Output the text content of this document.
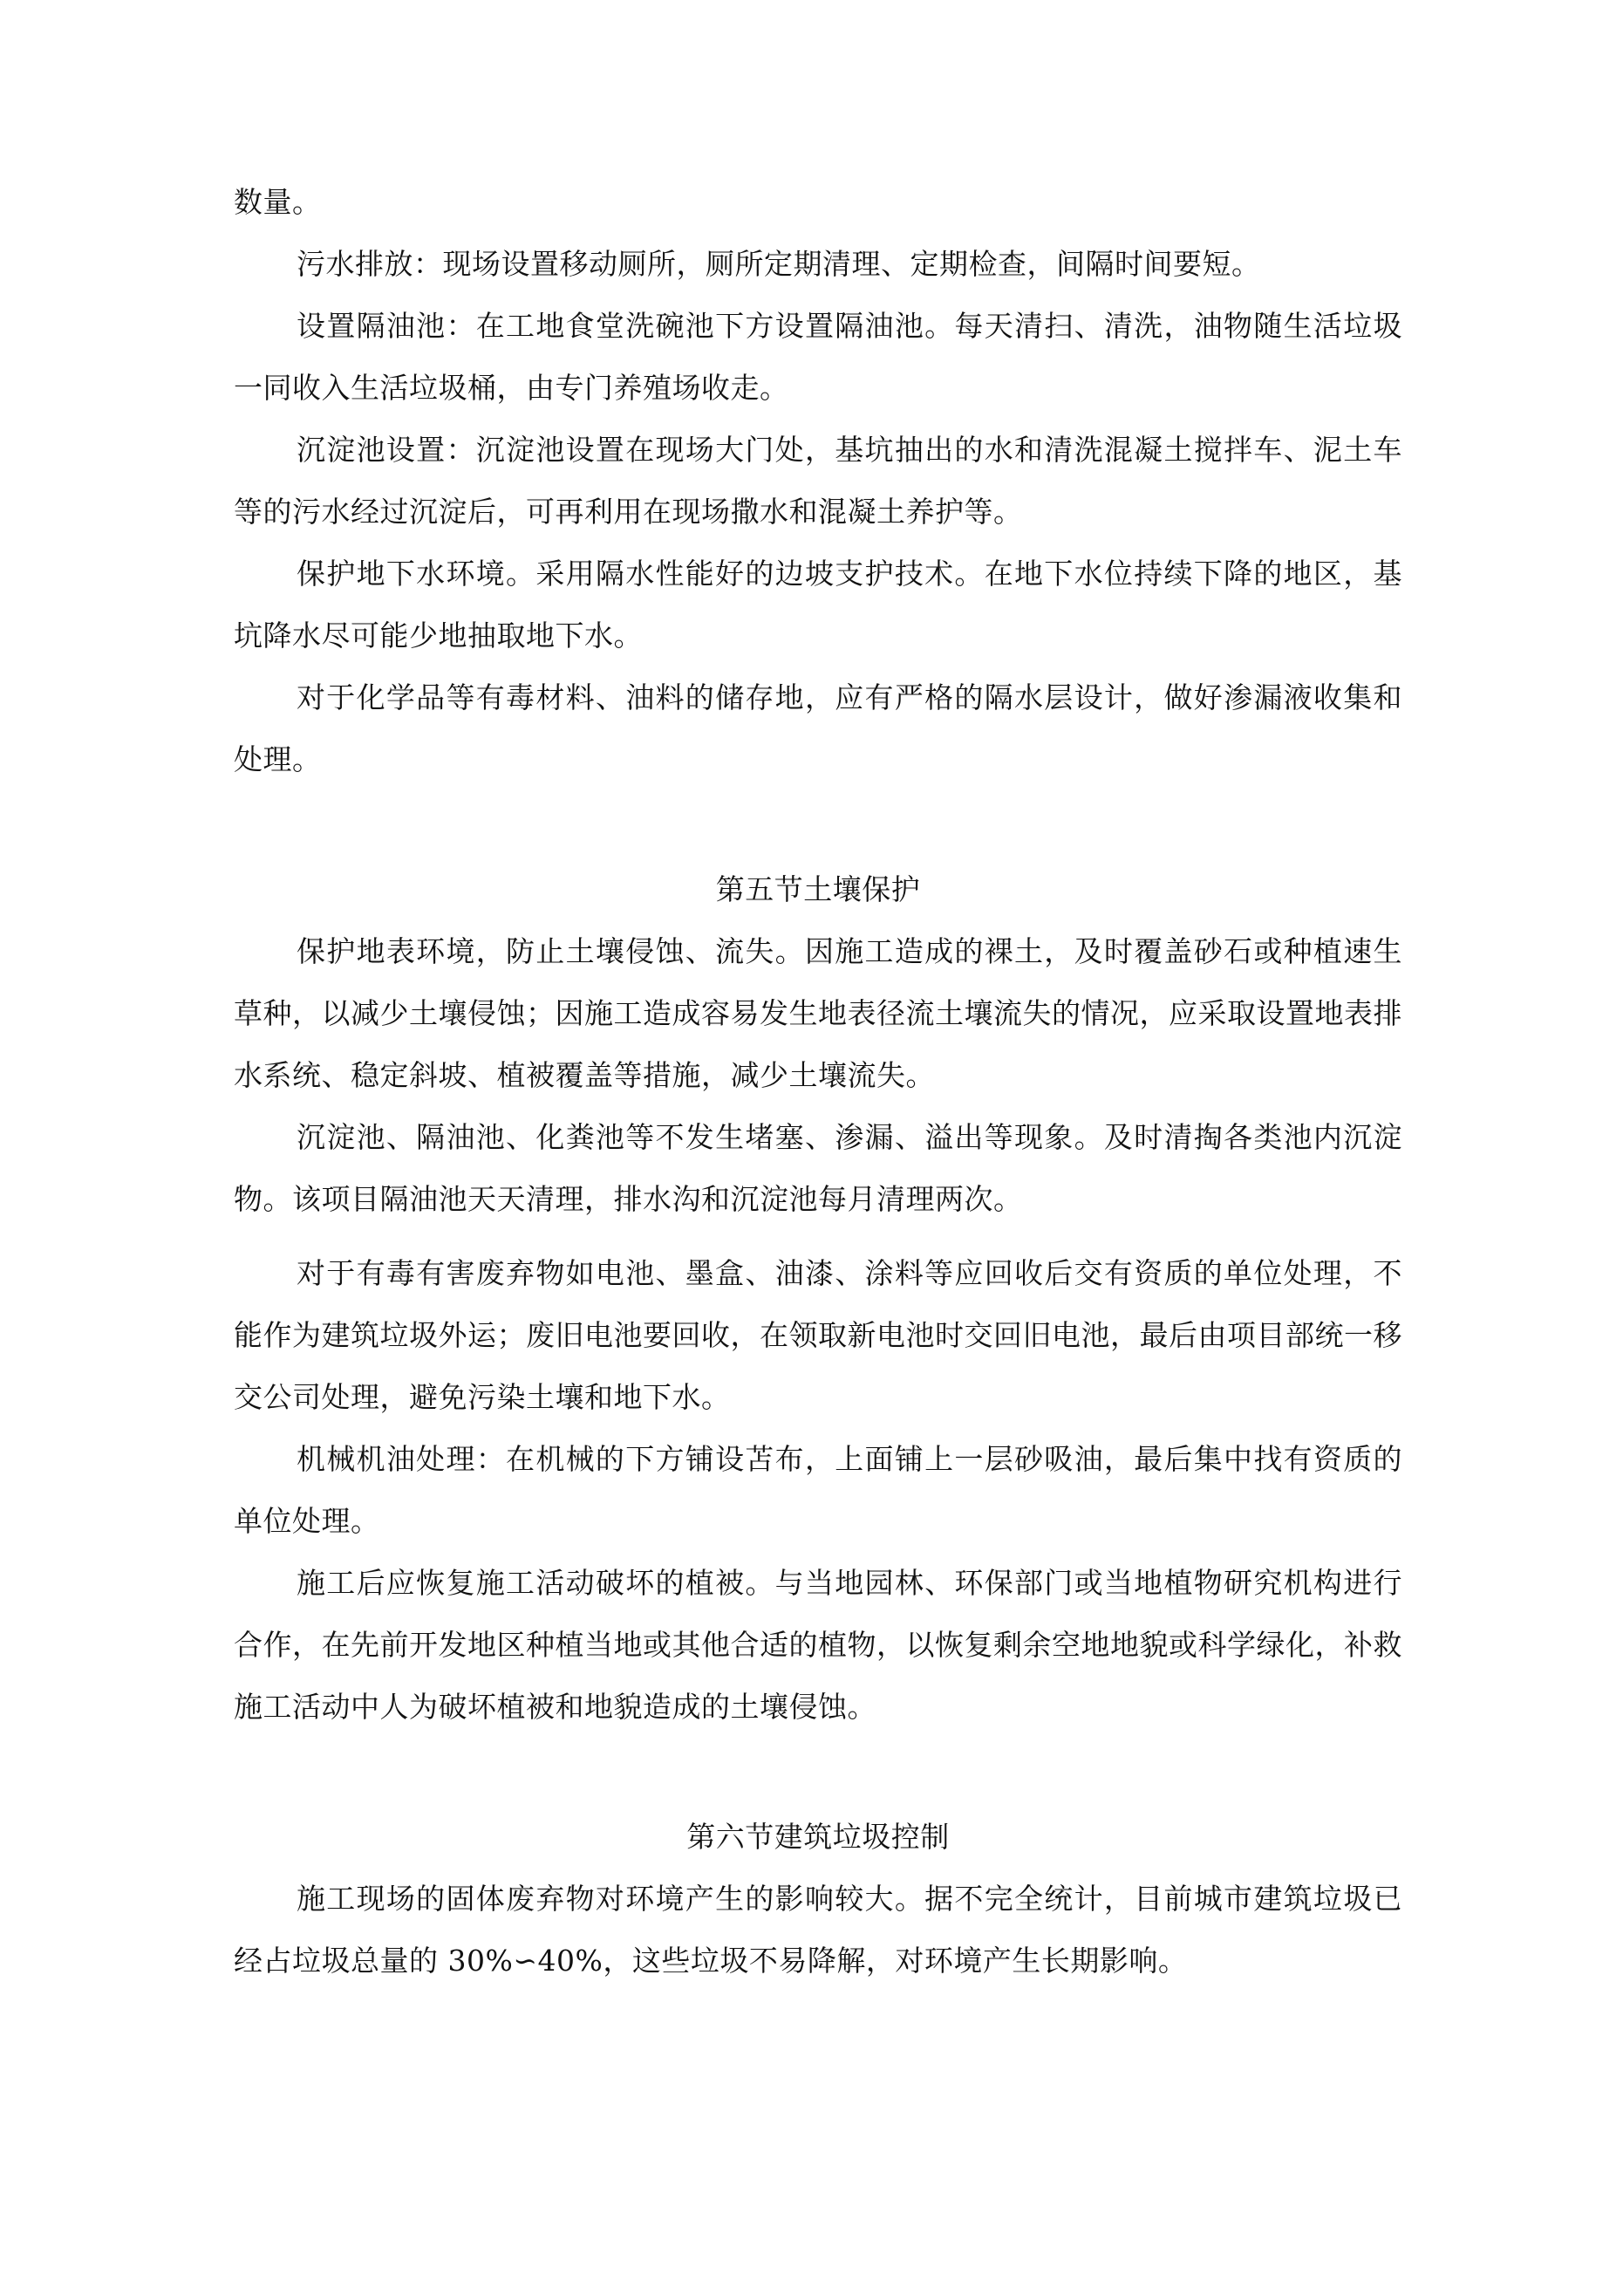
数量。

污水排放：现场设置移动厕所，厕所定期清理、定期检查，间隔时间要短。

设置隔油池：在工地食堂洗碗池下方设置隔油池。每天清扫、清洗，油物随生活垃圾一同收入生活垃圾桶，由专门养殖场收走。

沉淀池设置：沉淀池设置在现场大门处，基坑抽出的水和清洗混凝土搅拌车、泥土车等的污水经过沉淀后，可再利用在现场撒水和混凝土养护等。

保护地下水环境。采用隔水性能好的边坡支护技术。在地下水位持续下降的地区，基坑降水尽可能少地抽取地下水。

对于化学品等有毒材料、油料的储存地，应有严格的隔水层设计，做好渗漏液收集和处理。

第五节土壤保护

保护地表环境，防止土壤侵蚀、流失。因施工造成的裸土，及时覆盖砂石或种植速生草种，以减少土壤侵蚀；因施工造成容易发生地表径流土壤流失的情况，应采取设置地表排水系统、稳定斜坡、植被覆盖等措施，减少土壤流失。

沉淀池、隔油池、化粪池等不发生堵塞、渗漏、溢出等现象。及时清掏各类池内沉淀物。该项目隔油池天天清理，排水沟和沉淀池每月清理两次。

对于有毒有害废弃物如电池、墨盒、油漆、涂料等应回收后交有资质的单位处理，不能作为建筑垃圾外运；废旧电池要回收，在领取新电池时交回旧电池，最后由项目部统一移交公司处理，避免污染土壤和地下水。

机械机油处理：在机械的下方铺设苫布，上面铺上一层砂吸油，最后集中找有资质的单位处理。

施工后应恢复施工活动破坏的植被。与当地园林、环保部门或当地植物研究机构进行合作，在先前开发地区种植当地或其他合适的植物，以恢复剩余空地地貌或科学绿化，补救施工活动中人为破坏植被和地貌造成的土壤侵蚀。

第六节建筑垃圾控制

施工现场的固体废弃物对环境产生的影响较大。据不完全统计，目前城市建筑垃圾已经占垃圾总量的 30%∽40%，这些垃圾不易降解，对环境产生长期影响。
